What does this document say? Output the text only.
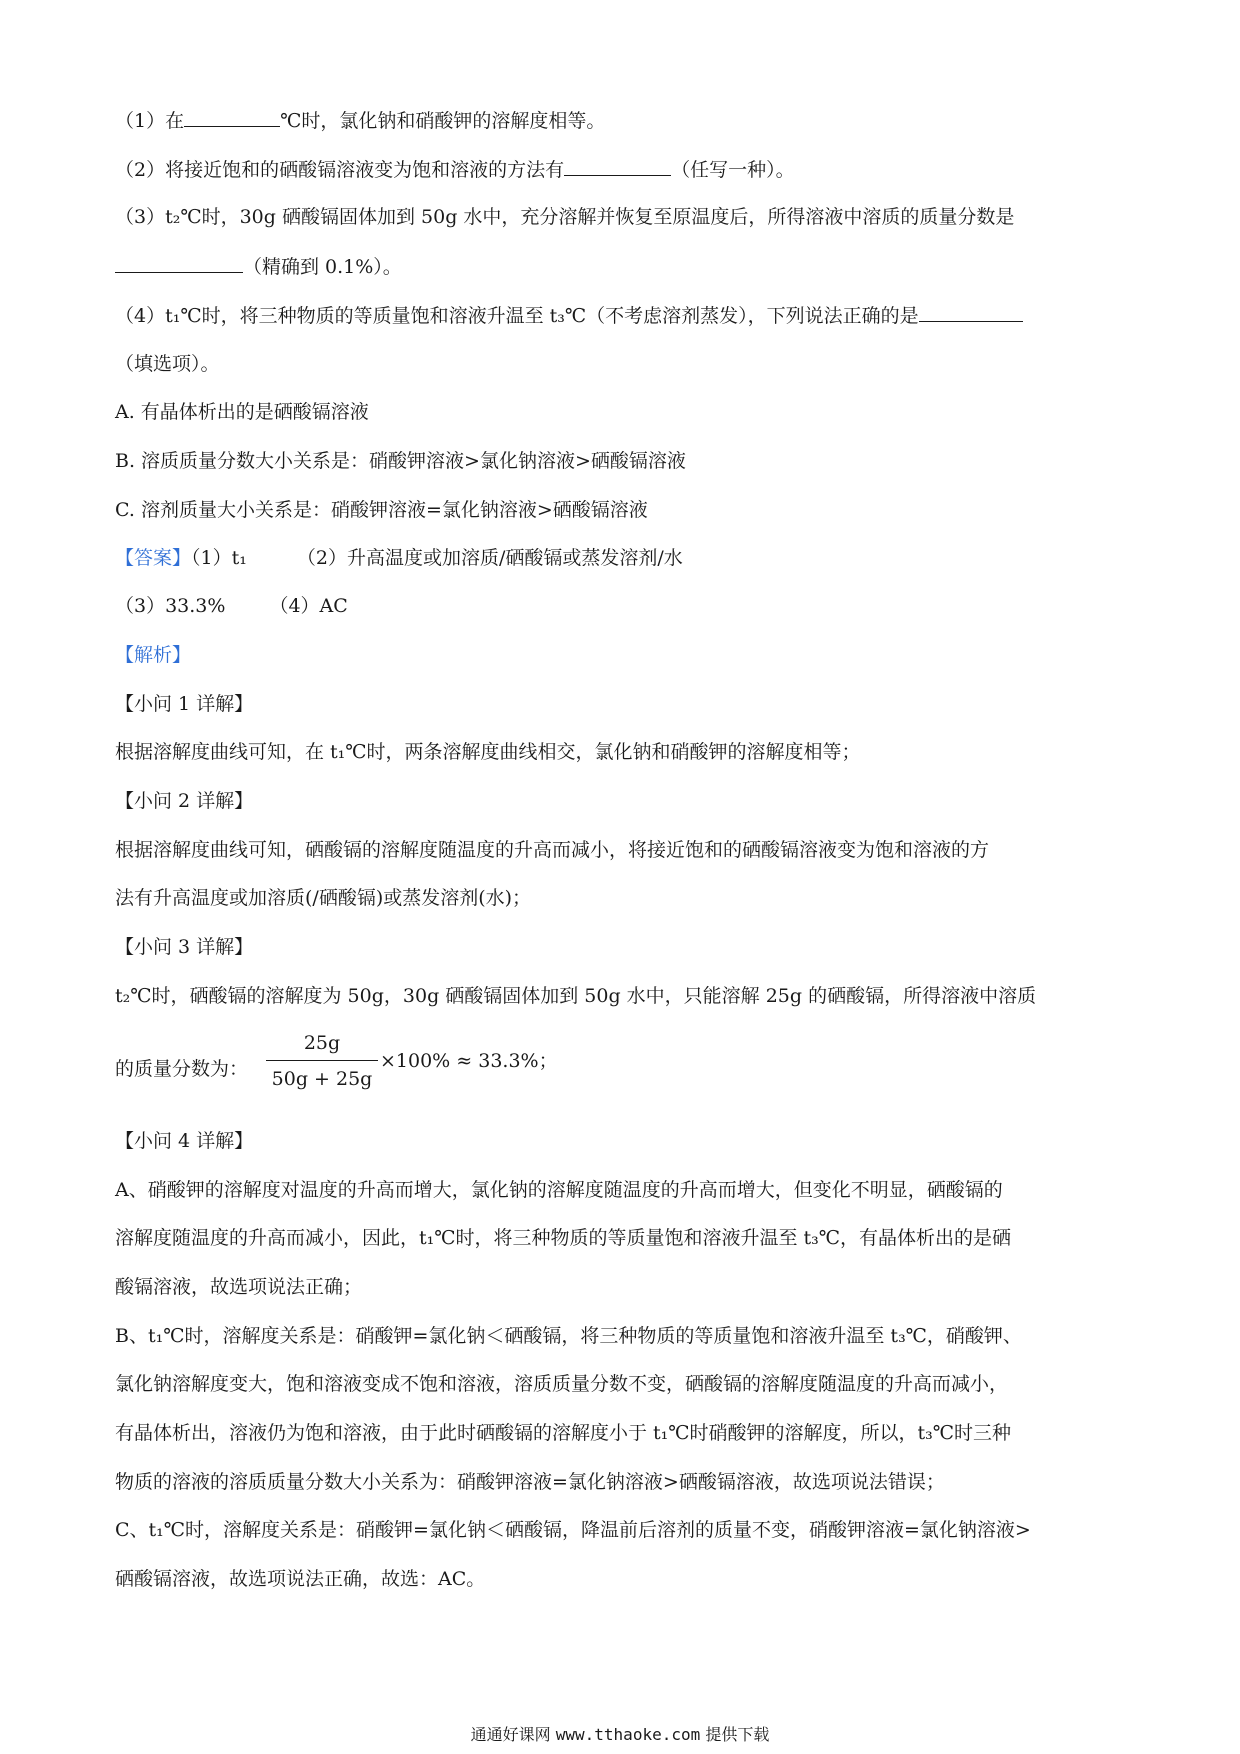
（1）在	℃时，氯化钠和硝酸钾的溶解度相等。
（2）将接近饱和的硒酸镉溶液变为饱和溶液的方法有	（任写一种）。
（3）t₂℃时，30g 硒酸镉固体加到 50g 水中，充分溶解并恢复至原温度后，所得溶液中溶质的质量分数是
（精确到 0.1%）。
（4）t₁℃时，将三种物质的等质量饱和溶液升温至 t₃℃（不考虑溶剂蒸发），下列说法正确的是
（填选项）。
A. 有晶体析出的是硒酸镉溶液
B. 溶质质量分数大小关系是：硝酸钾溶液>氯化钠溶液>硒酸镉溶液
C. 溶剂质量大小关系是：硝酸钾溶液=氯化钠溶液>硒酸镉溶液
【答案】（1）t₁	（2）升高温度或加溶质/硒酸镉或蒸发溶剂/水
（3）33.3% （4）AC
【解析】
【小问 1 详解】
根据溶解度曲线可知，在 t₁℃时，两条溶解度曲线相交，氯化钠和硝酸钾的溶解度相等；
【小问 2 详解】
根据溶解度曲线可知，硒酸镉的溶解度随温度的升高而减小，将接近饱和的硒酸镉溶液变为饱和溶液的方
法有升高温度或加溶质(/硒酸镉)或蒸发溶剂(水)；
【小问 3 详解】
t₂℃时，硒酸镉的溶解度为 50g，30g 硒酸镉固体加到 50g 水中，只能溶解 25g 的硒酸镉，所得溶液中溶质
的质量分数为：
25g
50g + 25g
×100% ≈ 33.3%；
【小问 4 详解】
A、硝酸钾的溶解度对温度的升高而增大，氯化钠的溶解度随温度的升高而增大，但变化不明显，硒酸镉的
溶解度随温度的升高而减小，因此，t₁℃时，将三种物质的等质量饱和溶液升温至 t₃℃，有晶体析出的是硒
酸镉溶液，故选项说法正确；
B、t₁℃时，溶解度关系是：硝酸钾=氯化钠＜硒酸镉，将三种物质的等质量饱和溶液升温至 t₃℃，硝酸钾、
氯化钠溶解度变大，饱和溶液变成不饱和溶液，溶质质量分数不变，硒酸镉的溶解度随温度的升高而减小，
有晶体析出，溶液仍为饱和溶液，由于此时硒酸镉的溶解度小于 t₁℃时硝酸钾的溶解度，所以，t₃℃时三种
物质的溶液的溶质质量分数大小关系为：硝酸钾溶液=氯化钠溶液>硒酸镉溶液，故选项说法错误；
C、t₁℃时，溶解度关系是：硝酸钾=氯化钠＜硒酸镉，降温前后溶剂的质量不变，硝酸钾溶液=氯化钠溶液>
硒酸镉溶液，故选项说法正确，故选：AC。
通通好课网 www.tthaoke.com 提供下载
